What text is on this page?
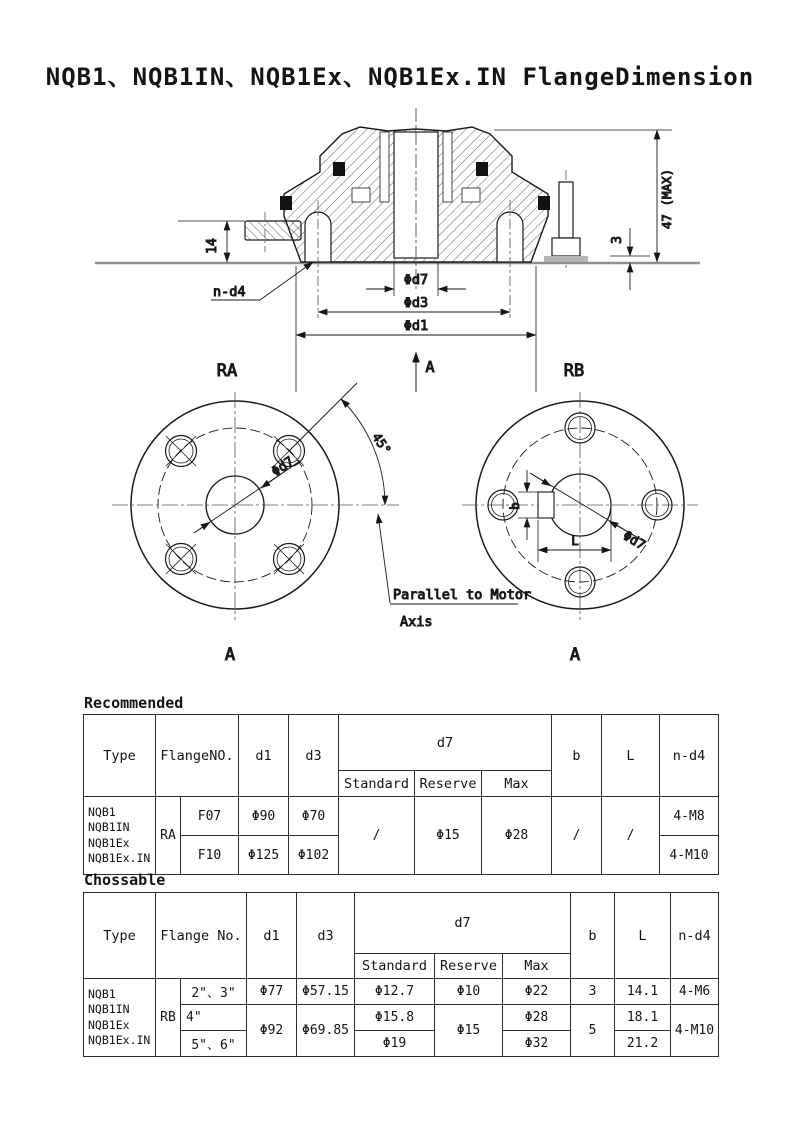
NQB1、NQB1IN、NQB1Ex、NQB1Ex.IN FlangeDimension
14
47 (MAX)
3
n-d4
Φd7
Φd3
Φd1
A
RA
Φd7
45°
A
RB
b
L	Φd7
A
Parallel to Motor
Axis
Recommended
Type	FlangeNO.		d1	d3	d7			b	L	n-d4
					Standard	Reserve	Max			

NQB1
NQB1IN
NQB1Ex
NQB1Ex.IN	RA	F07	Φ90	Φ70	/	Φ15	Φ28	/	/	4-M8
		F10	Φ125	Φ102						4-M10
Chossable
Type	Flange No.		d1	d3	d7			b	L	n-d4
					Standard	Reserve	Max			

NQB1
NQB1IN
NQB1Ex
NQB1Ex.IN	RB	2"、3"	Φ77	Φ57.15	Φ12.7	Φ10	Φ22	3	14.1	4-M6
		4"	Φ92	Φ69.85	Φ15.8	Φ15	Φ28	5	18.1	4-M10
		5"、6"			Φ19		Φ32		21.2	
